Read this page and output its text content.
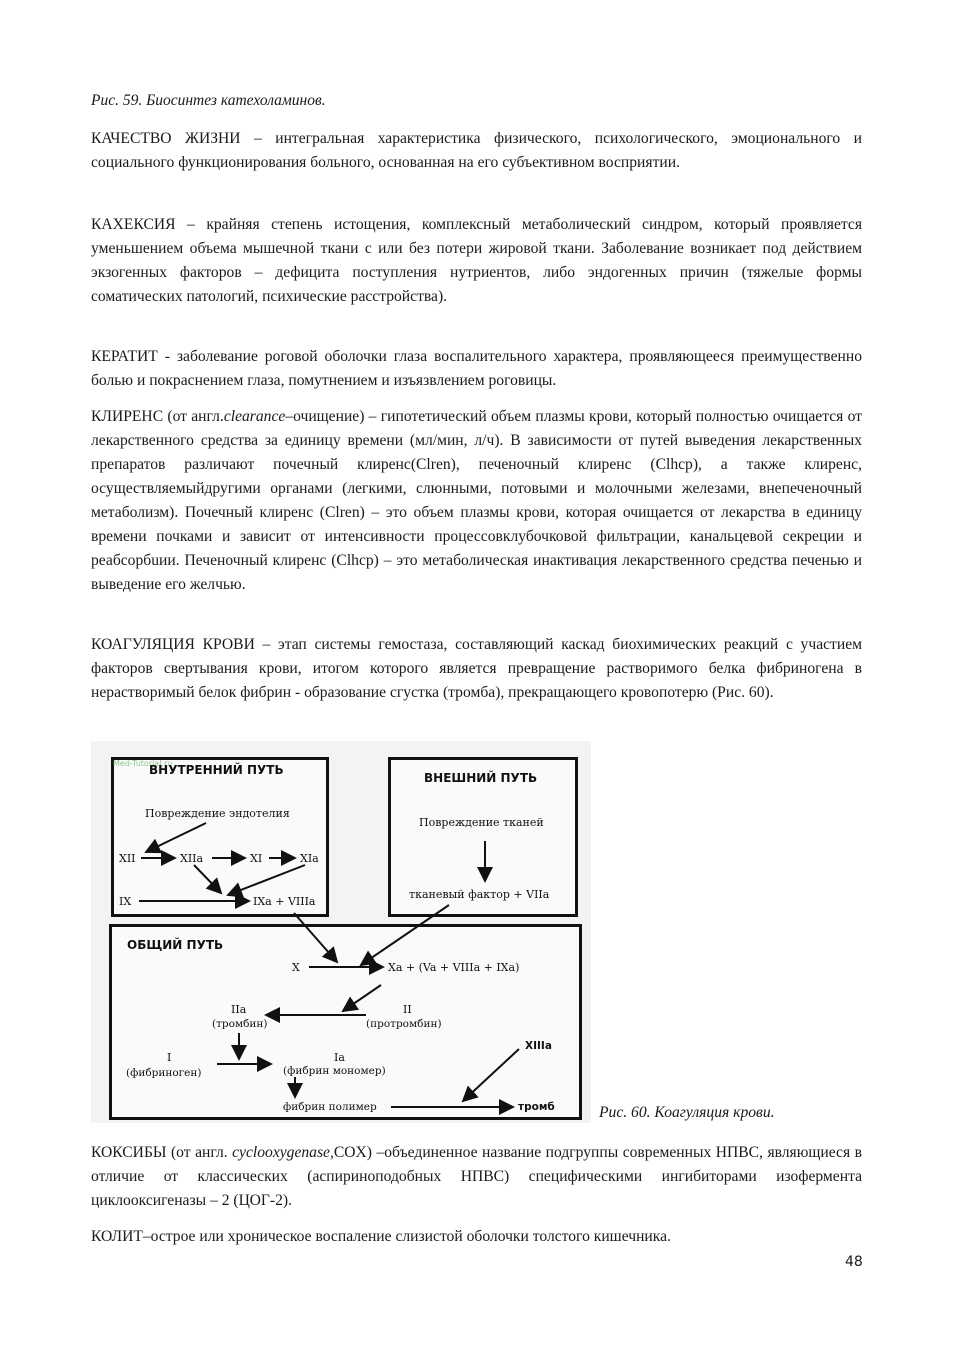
Рис. 59. Биосинтез катехоламинов.

КАЧЕСТВО ЖИЗНИ – интегральная характеристика физического, психологического, эмоционального и социального функционирования больного, основанная на его субъективном восприятии.

КАХЕКСИЯ – крайняя степень истощения, комплексный метаболический синдром, который проявляется уменьшением объема мышечной ткани с или без потери жировой ткани. Заболевание возникает под действием экзогенных факторов – дефицита поступления нутриентов, либо эндогенных причин (тяжелые формы соматических патологий, психические расстройства).

КЕРАТИТ - заболевание роговой оболочки глаза воспалительного характера, проявляющееся преимущественно болью и покраснением глаза, помутнением и изъязвлением роговицы.

КЛИРЕНС (от англ.clearance–очищение) – гипотетический объем плазмы крови, который полностью очищается от лекарственного средства за единицу времени (мл/мин, л/ч). В зависимости от путей выведения лекарственных препаратов различают почечный клиренс(Clren), печеночный клиренс (Clhcp), а также клиренс, осуществляемыйдругими органами (легкими, слюнными, потовыми и молочными железами, внепеченочный метаболизм). Почечный клиренс (Clren) – это объем плазмы крови, которая очищается от лекарства в единицу времени почками и зависит от интенсивности процессовклубочковой фильтрации, канальцевой секреции и реабсорбuии. Печеночный клиренс (Clhcp) – это метаболическая инактивация лекарственного средства печенью и выведение его желчью.

КОАГУЛЯЦИЯ КРОВИ – этап системы гемостаза, составляющий каскад биохимических реакций с участием факторов свертывания крови, итогом которого является превращение растворимого белка фибриногена в нерастворимый белок фибрин - образование сгустка (тромба), прекращающего кровопотерю (Рис. 60).

КОКСИБЫ (от англ. cyclooxygenase,COX) –объединенное название подгруппы современных НПВС, являющиеся в отличие от классических (аспириноподобных НПВС) специфическими ингибиторами изофермента циклооксигеназы – 2 (ЦОГ-2).

КОЛИТ–острое или хроническое воспаление слизистой оболочки толстого кишечника.

Med-Tutorial.ru
ВНУТРЕННИЙ ПУТЬ
Повреждение эндотелия
XII	XIIa	XI	XIa
IX	IXa + VIIIa
ВНЕШНИЙ ПУТЬ
Повреждение тканей
тканевый фактор + VIIa
ОБЩИЙ ПУТЬ
X	Xa + (Va + VIIIa + IXa)
IIa
(тромбин)
II
(протромбин)
I
(фибриноген)
Ia
(фибрин мономер)
XIIIa
фибрин полимер	тромб	Рис. 60. Коагуляция крови.
48
